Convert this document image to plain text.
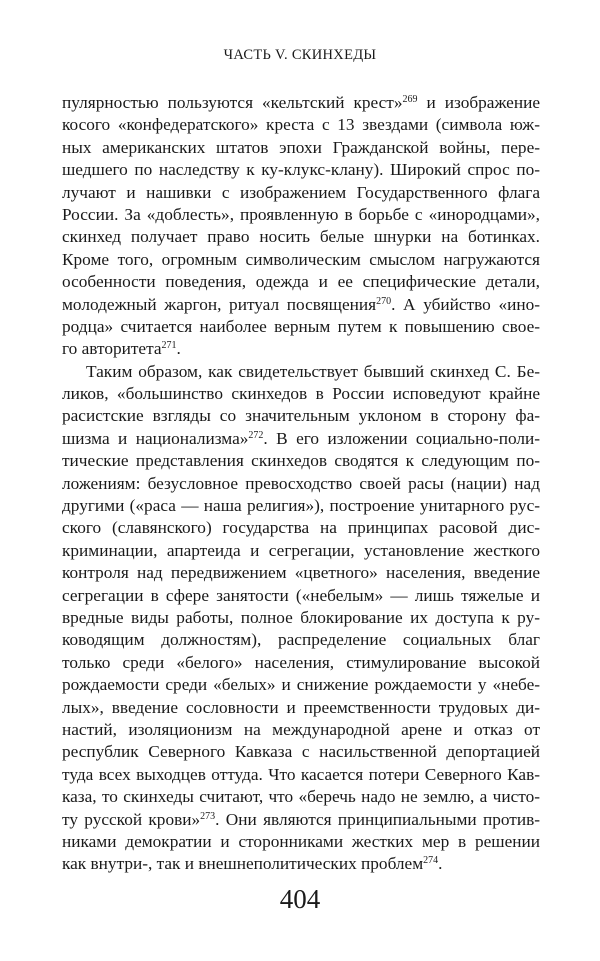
ЧАСТЬ V. СКИНХЕДЫ
пулярностью пользуются «кельтский крест»$^{269}$ и изображение
косого «конфедератского» креста с 13 звездами (символа юж-
ных американских штатов эпохи Гражданской войны, пере-
шедшего по наследству к ку-клукс-клану). Широкий спрос по-
лучают и нашивки с изображением Государственного флага
России. За «доблесть», проявленную в борьбе с «инородцами»,
скинхед получает право носить белые шнурки на ботинках.
Кроме того, огромным символическим смыслом нагружаются
особенности поведения, одежда и ее специфические детали,
молодежный жаргон, ритуал посвящения$^{270}$. А убийство «ино-
родца» считается наиболее верным путем к повышению свое-
го авторитета$^{271}$.
Таким образом, как свидетельствует бывший скинхед С. Бе-
ликов, «большинство скинхедов в России исповедуют крайне
расистские взгляды со значительным уклоном в сторону фа-
шизма и национализма»$^{272}$. В его изложении социально-поли-
тические представления скинхедов сводятся к следующим по-
ложениям: безусловное превосходство своей расы (нации) над
другими («раса — наша религия»), построение унитарного рус-
ского (славянского) государства на принципах расовой дис-
криминации, апартеида и сегрегации, установление жесткого
контроля над передвижением «цветного» населения, введение
сегрегации в сфере занятости («небелым» — лишь тяжелые и
вредные виды работы, полное блокирование их доступа к ру-
ководящим должностям), распределение социальных благ
только среди «белого» населения, стимулирование высокой
рождаемости среди «белых» и снижение рождаемости у «небе-
лых», введение сословности и преемственности трудовых ди-
настий, изоляционизм на международной арене и отказ от
республик Северного Кавказа с насильственной депортацией
туда всех выходцев оттуда. Что касается потери Северного Кав-
каза, то скинхеды считают, что «беречь надо не землю, а чисто-
ту русской крови»$^{273}$. Они являются принципиальными против-
никами демократии и сторонниками жестких мер в решении
как внутри-, так и внешнеполитических проблем$^{274}$.
404
